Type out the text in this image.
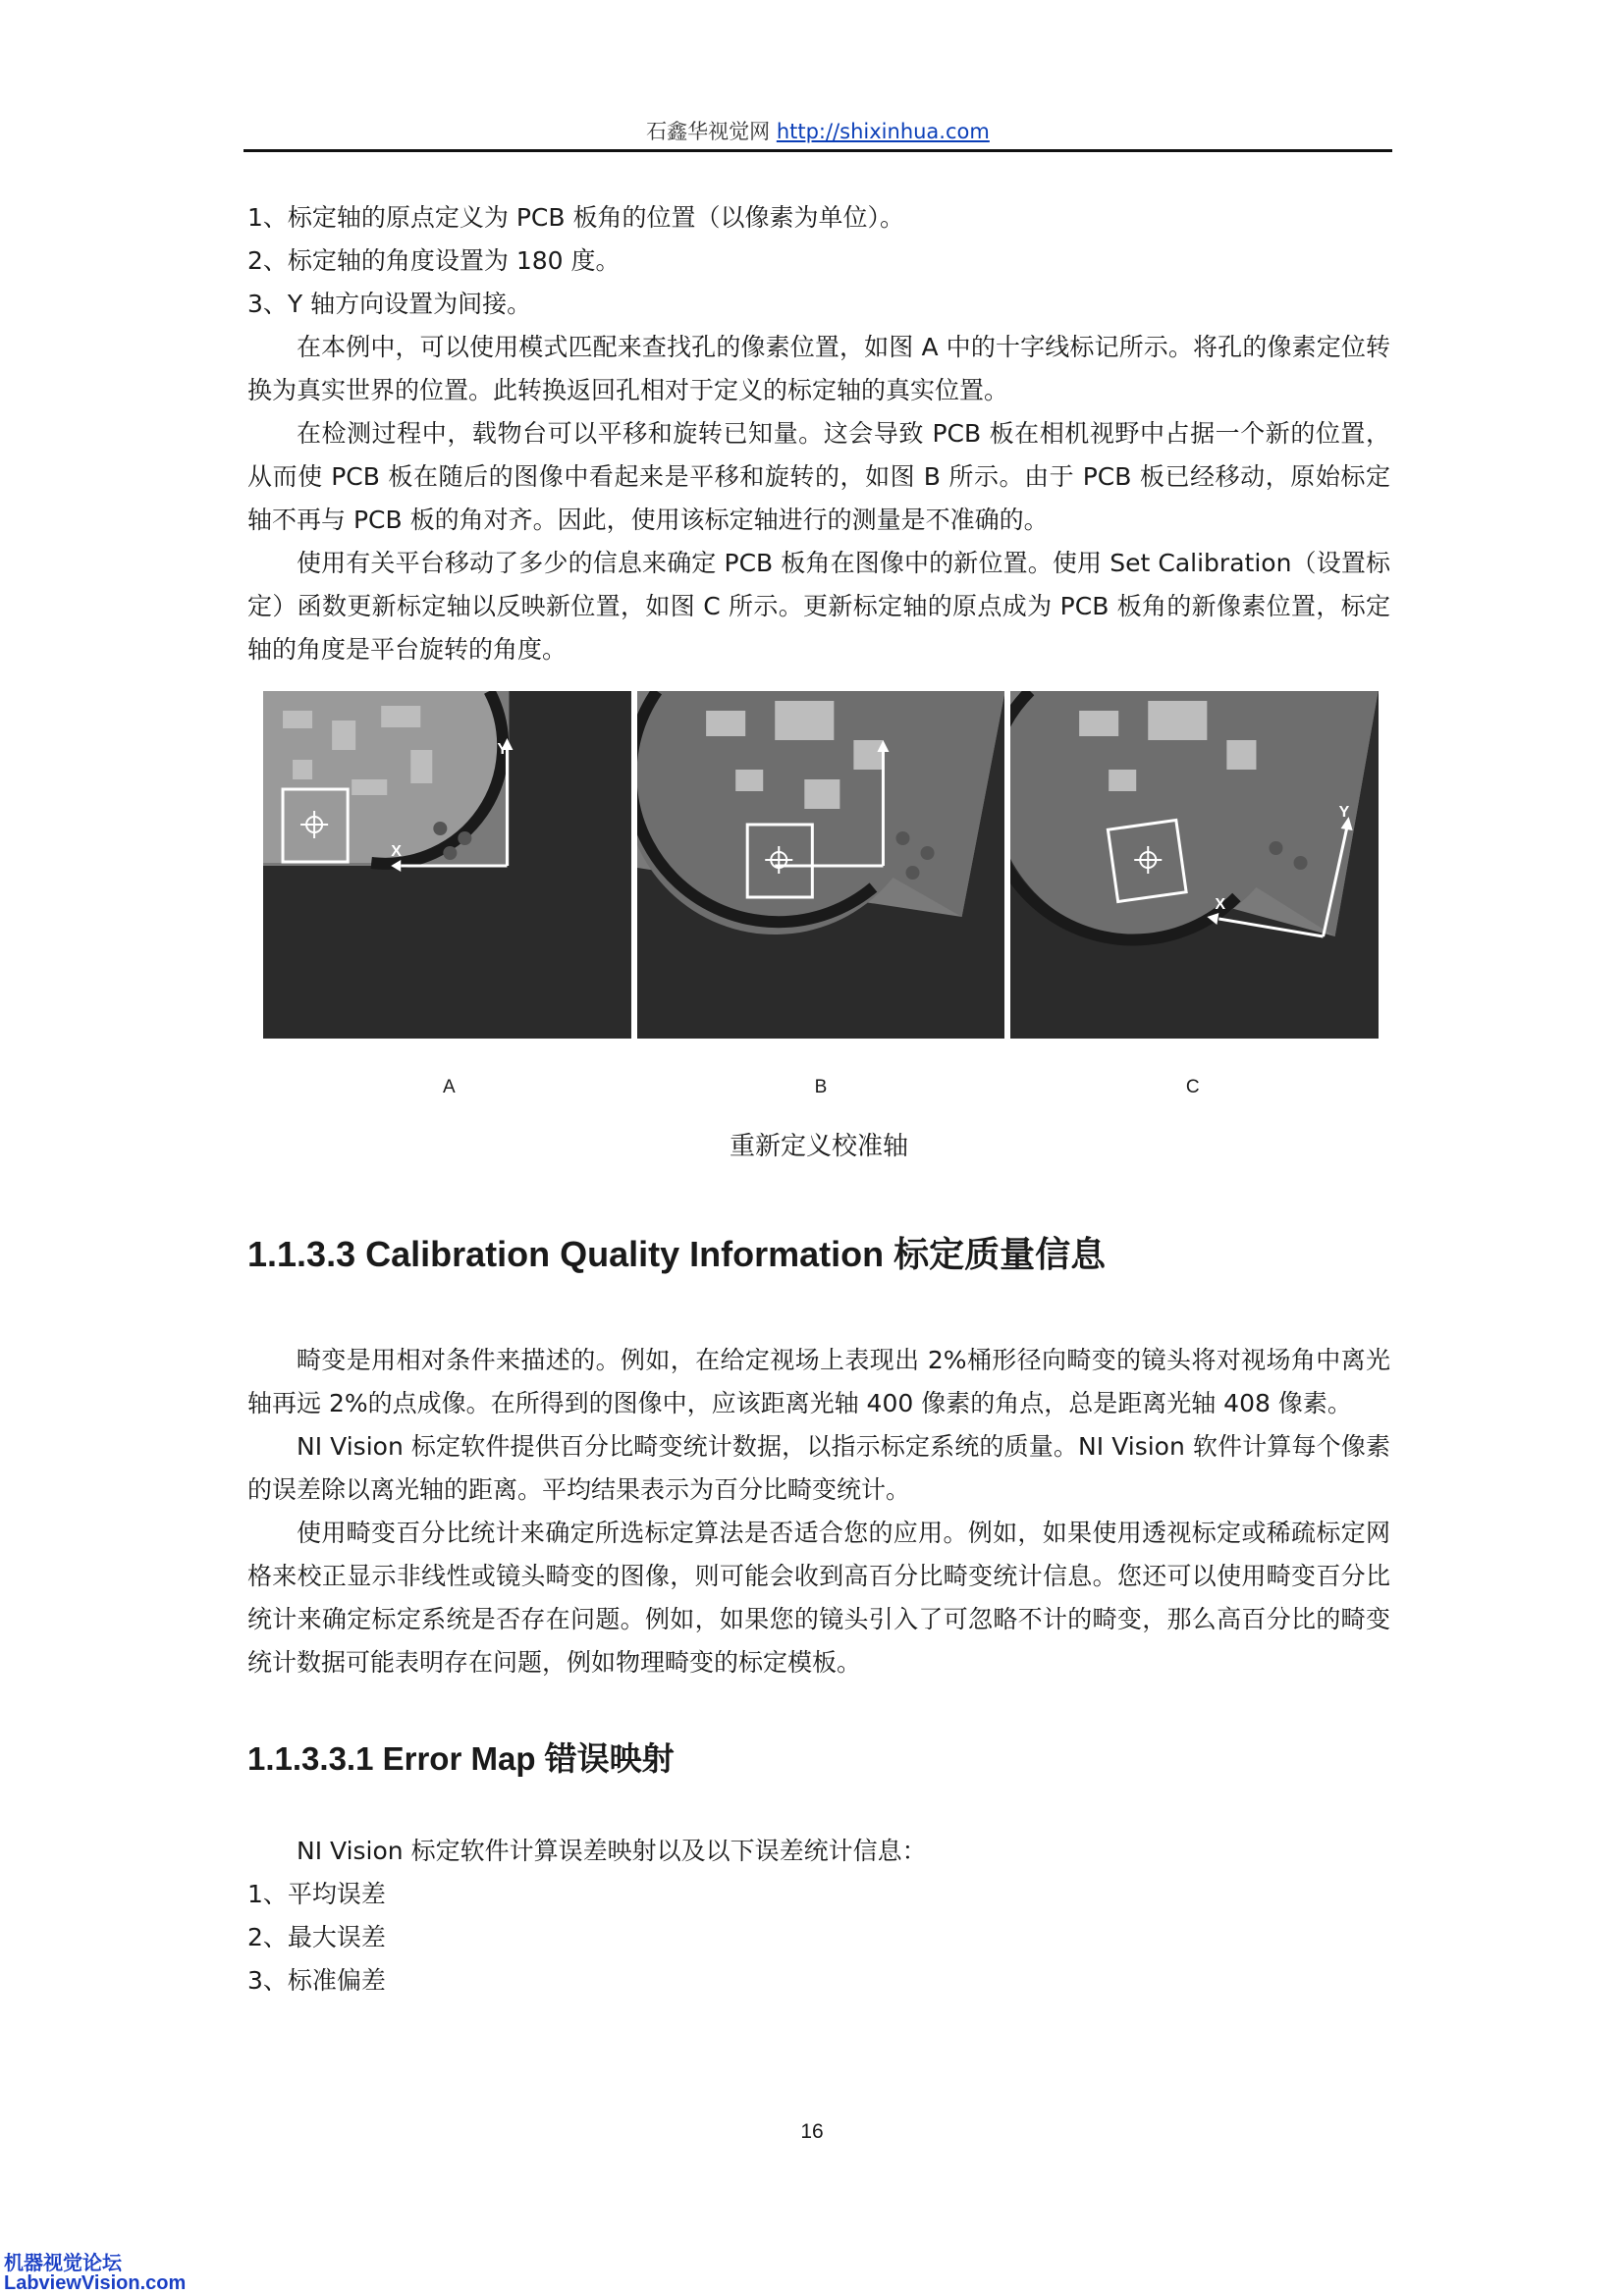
石鑫华视觉网 http://shixinhua.com

1、标定轴的原点定义为 PCB 板角的位置（以像素为单位）。

2、标定轴的角度设置为 180 度。

3、Y 轴方向设置为间接。

在本例中，可以使用模式匹配来查找孔的像素位置，如图 A 中的十字线标记所示。将孔的像素定位转换为真实世界的位置。此转换返回孔相对于定义的标定轴的真实位置。

在检测过程中，载物台可以平移和旋转已知量。这会导致 PCB 板在相机视野中占据一个新的位置，从而使 PCB 板在随后的图像中看起来是平移和旋转的，如图 B 所示。由于 PCB 板已经移动，原始标定轴不再与 PCB 板的角对齐。因此，使用该标定轴进行的测量是不准确的。

使用有关平台移动了多少的信息来确定 PCB 板角在图像中的新位置。使用 Set Calibration（设置标定）函数更新标定轴以反映新位置，如图 C 所示。更新标定轴的原点成为 PCB 板角的新像素位置，标定轴的角度是平台旋转的角度。

X
Y
X
Y
A	B	C
重新定义校准轴
1.1.3.3 Calibration Quality Information 标定质量信息

畸变是用相对条件来描述的。例如，在给定视场上表现出 2%桶形径向畸变的镜头将对视场角中离光轴再远 2%的点成像。在所得到的图像中，应该距离光轴 400 像素的角点，总是距离光轴 408 像素。

NI Vision 标定软件提供百分比畸变统计数据，以指示标定系统的质量。NI Vision 软件计算每个像素的误差除以离光轴的距离。平均结果表示为百分比畸变统计。

使用畸变百分比统计来确定所选标定算法是否适合您的应用。例如，如果使用透视标定或稀疏标定网格来校正显示非线性或镜头畸变的图像，则可能会收到高百分比畸变统计信息。您还可以使用畸变百分比统计来确定标定系统是否存在问题。例如，如果您的镜头引入了可忽略不计的畸变，那么高百分比的畸变统计数据可能表明存在问题，例如物理畸变的标定模板。

1.1.3.3.1 Error Map 错误映射

NI Vision 标定软件计算误差映射以及以下误差统计信息：

1、平均误差

2、最大误差

3、标准偏差

16
机器视觉论坛
LabviewVision.com
